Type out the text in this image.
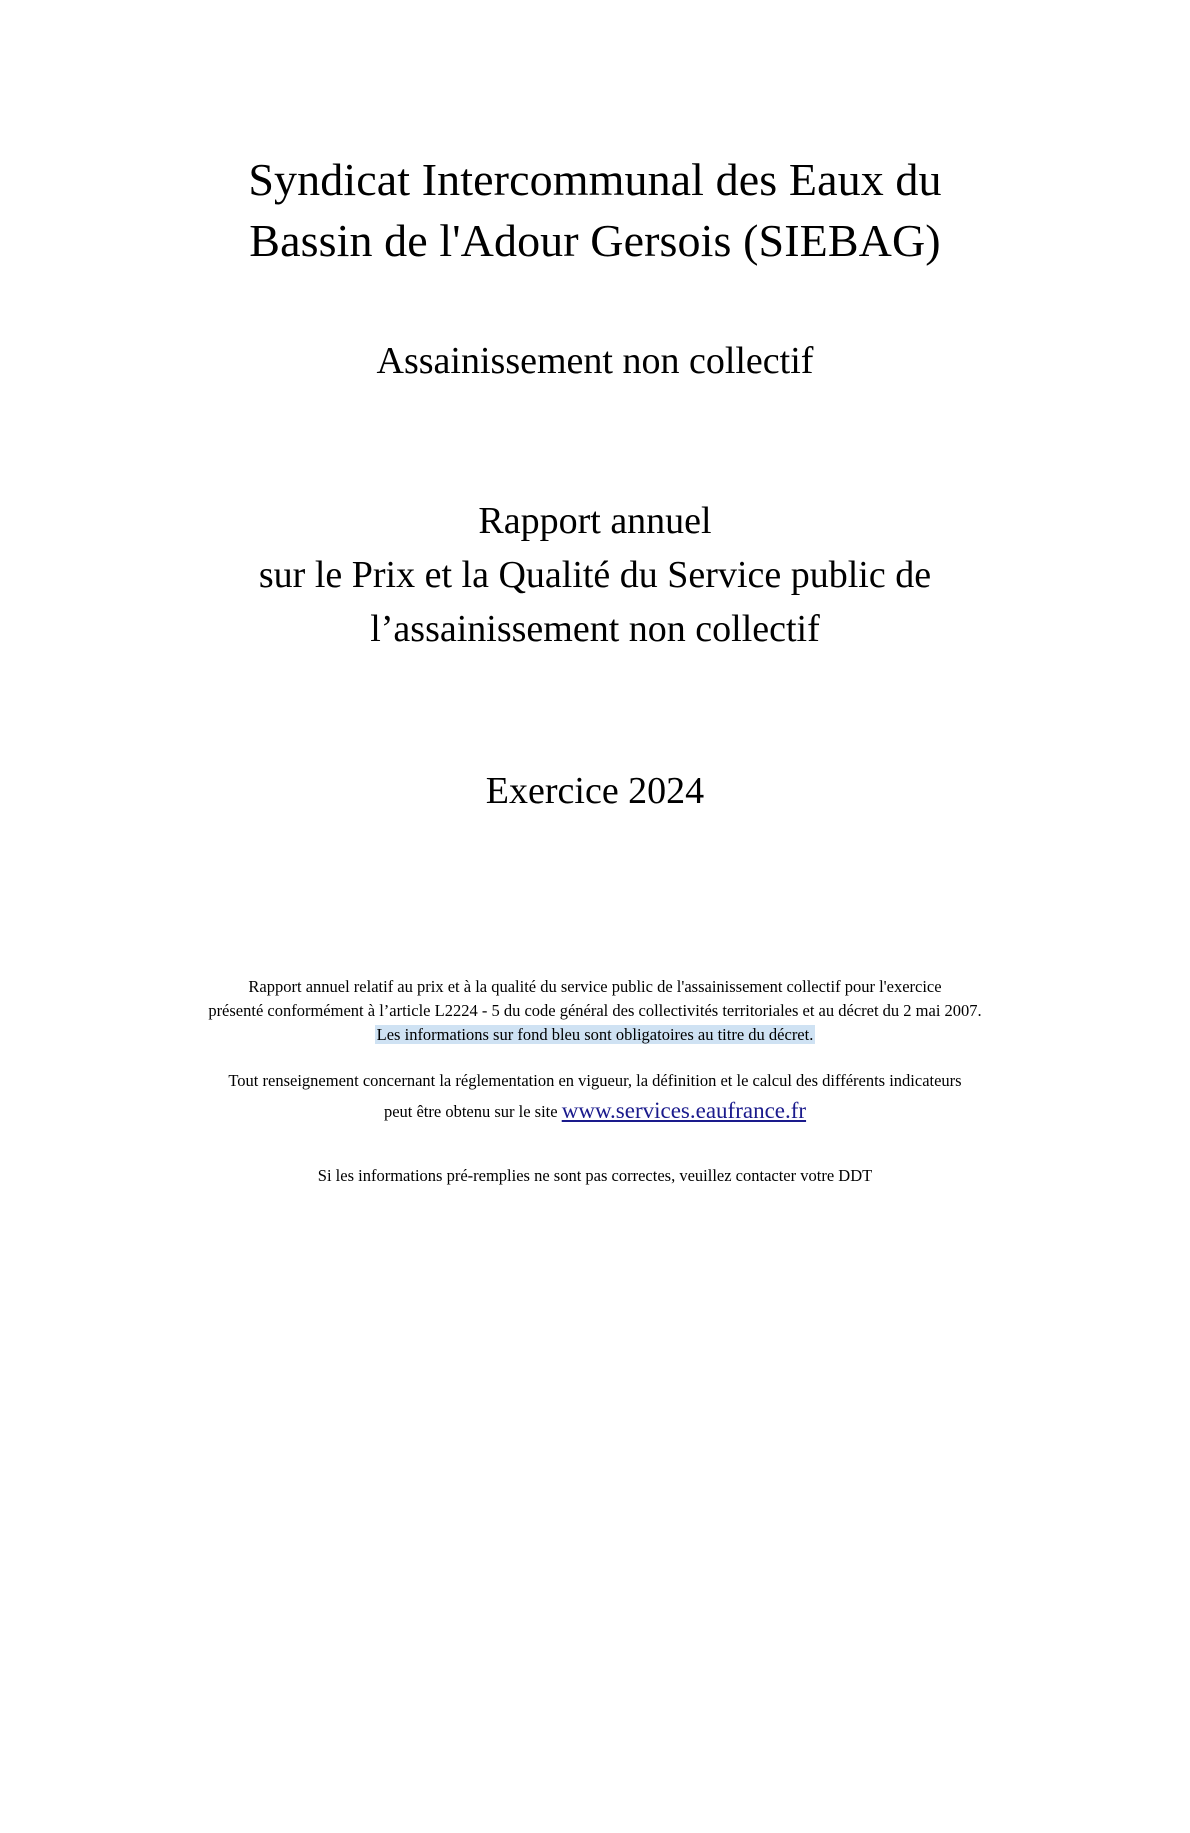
Syndicat Intercommunal des Eaux du
Bassin de l'Adour Gersois (SIEBAG)
Assainissement non collectif
Rapport annuel
sur le Prix et la Qualité du Service public de
l’assainissement non collectif
Exercice 2024
Rapport annuel relatif au prix et à la qualité du service public de l'assainissement collectif pour l'exercice
présenté conformément à l’article L2224 - 5 du code général des collectivités territoriales et au décret du 2 mai 2007.
Les informations sur fond bleu sont obligatoires au titre du décret.
Tout renseignement concernant la réglementation en vigueur, la définition et le calcul des différents indicateurs
peut être obtenu sur le site www.services.eaufrance.fr
Si les informations pré-remplies ne sont pas correctes, veuillez contacter votre DDT
